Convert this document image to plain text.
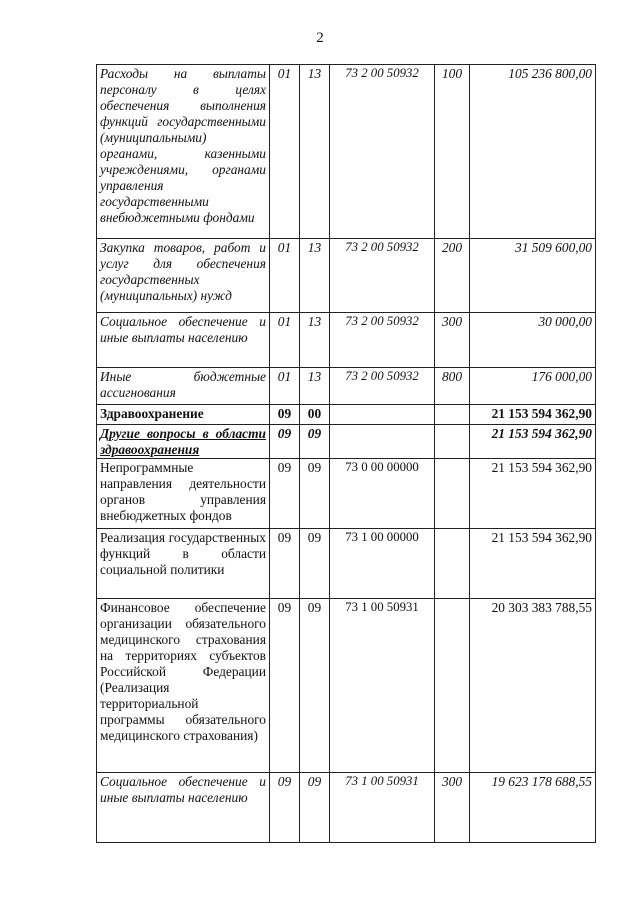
2
Расходы на выплаты персоналу в целях обеспечения выполнения функций государственными (муниципальными) органами, казенными учреждениями, органами управления государственными внебюджетными фондами	01	13	73 2 00 50932	100	105 236 800,00
Закупка товаров, работ и услуг для обеспечения государственных (муниципальных) нужд	01	13	73 2 00 50932	200	31 509 600,00
Социальное обеспечение и иные выплаты населению	01	13	73 2 00 50932	300	30 000,00
Иные бюджетные ассигнования	01	13	73 2 00 50932	800	176 000,00
Здравоохранение	09	00			21 153 594 362,90
Другие вопросы в области здравоохранения	09	09			21 153 594 362,90
Непрограммные направления деятельности органов управления внебюджетных фондов	09	09	73 0 00 00000		21 153 594 362,90
Реализация государственных функций в области социальной политики	09	09	73 1 00 00000		21 153 594 362,90
Финансовое обеспечение организации обязательного медицинского страхования на территориях субъектов Российской Федерации (Реализация территориальной программы обязательного медицинского страхования)	09	09	73 1 00 50931		20 303 383 788,55
Социальное обеспечение и иные выплаты населению	09	09	73 1 00 50931	300	19 623 178 688,55
